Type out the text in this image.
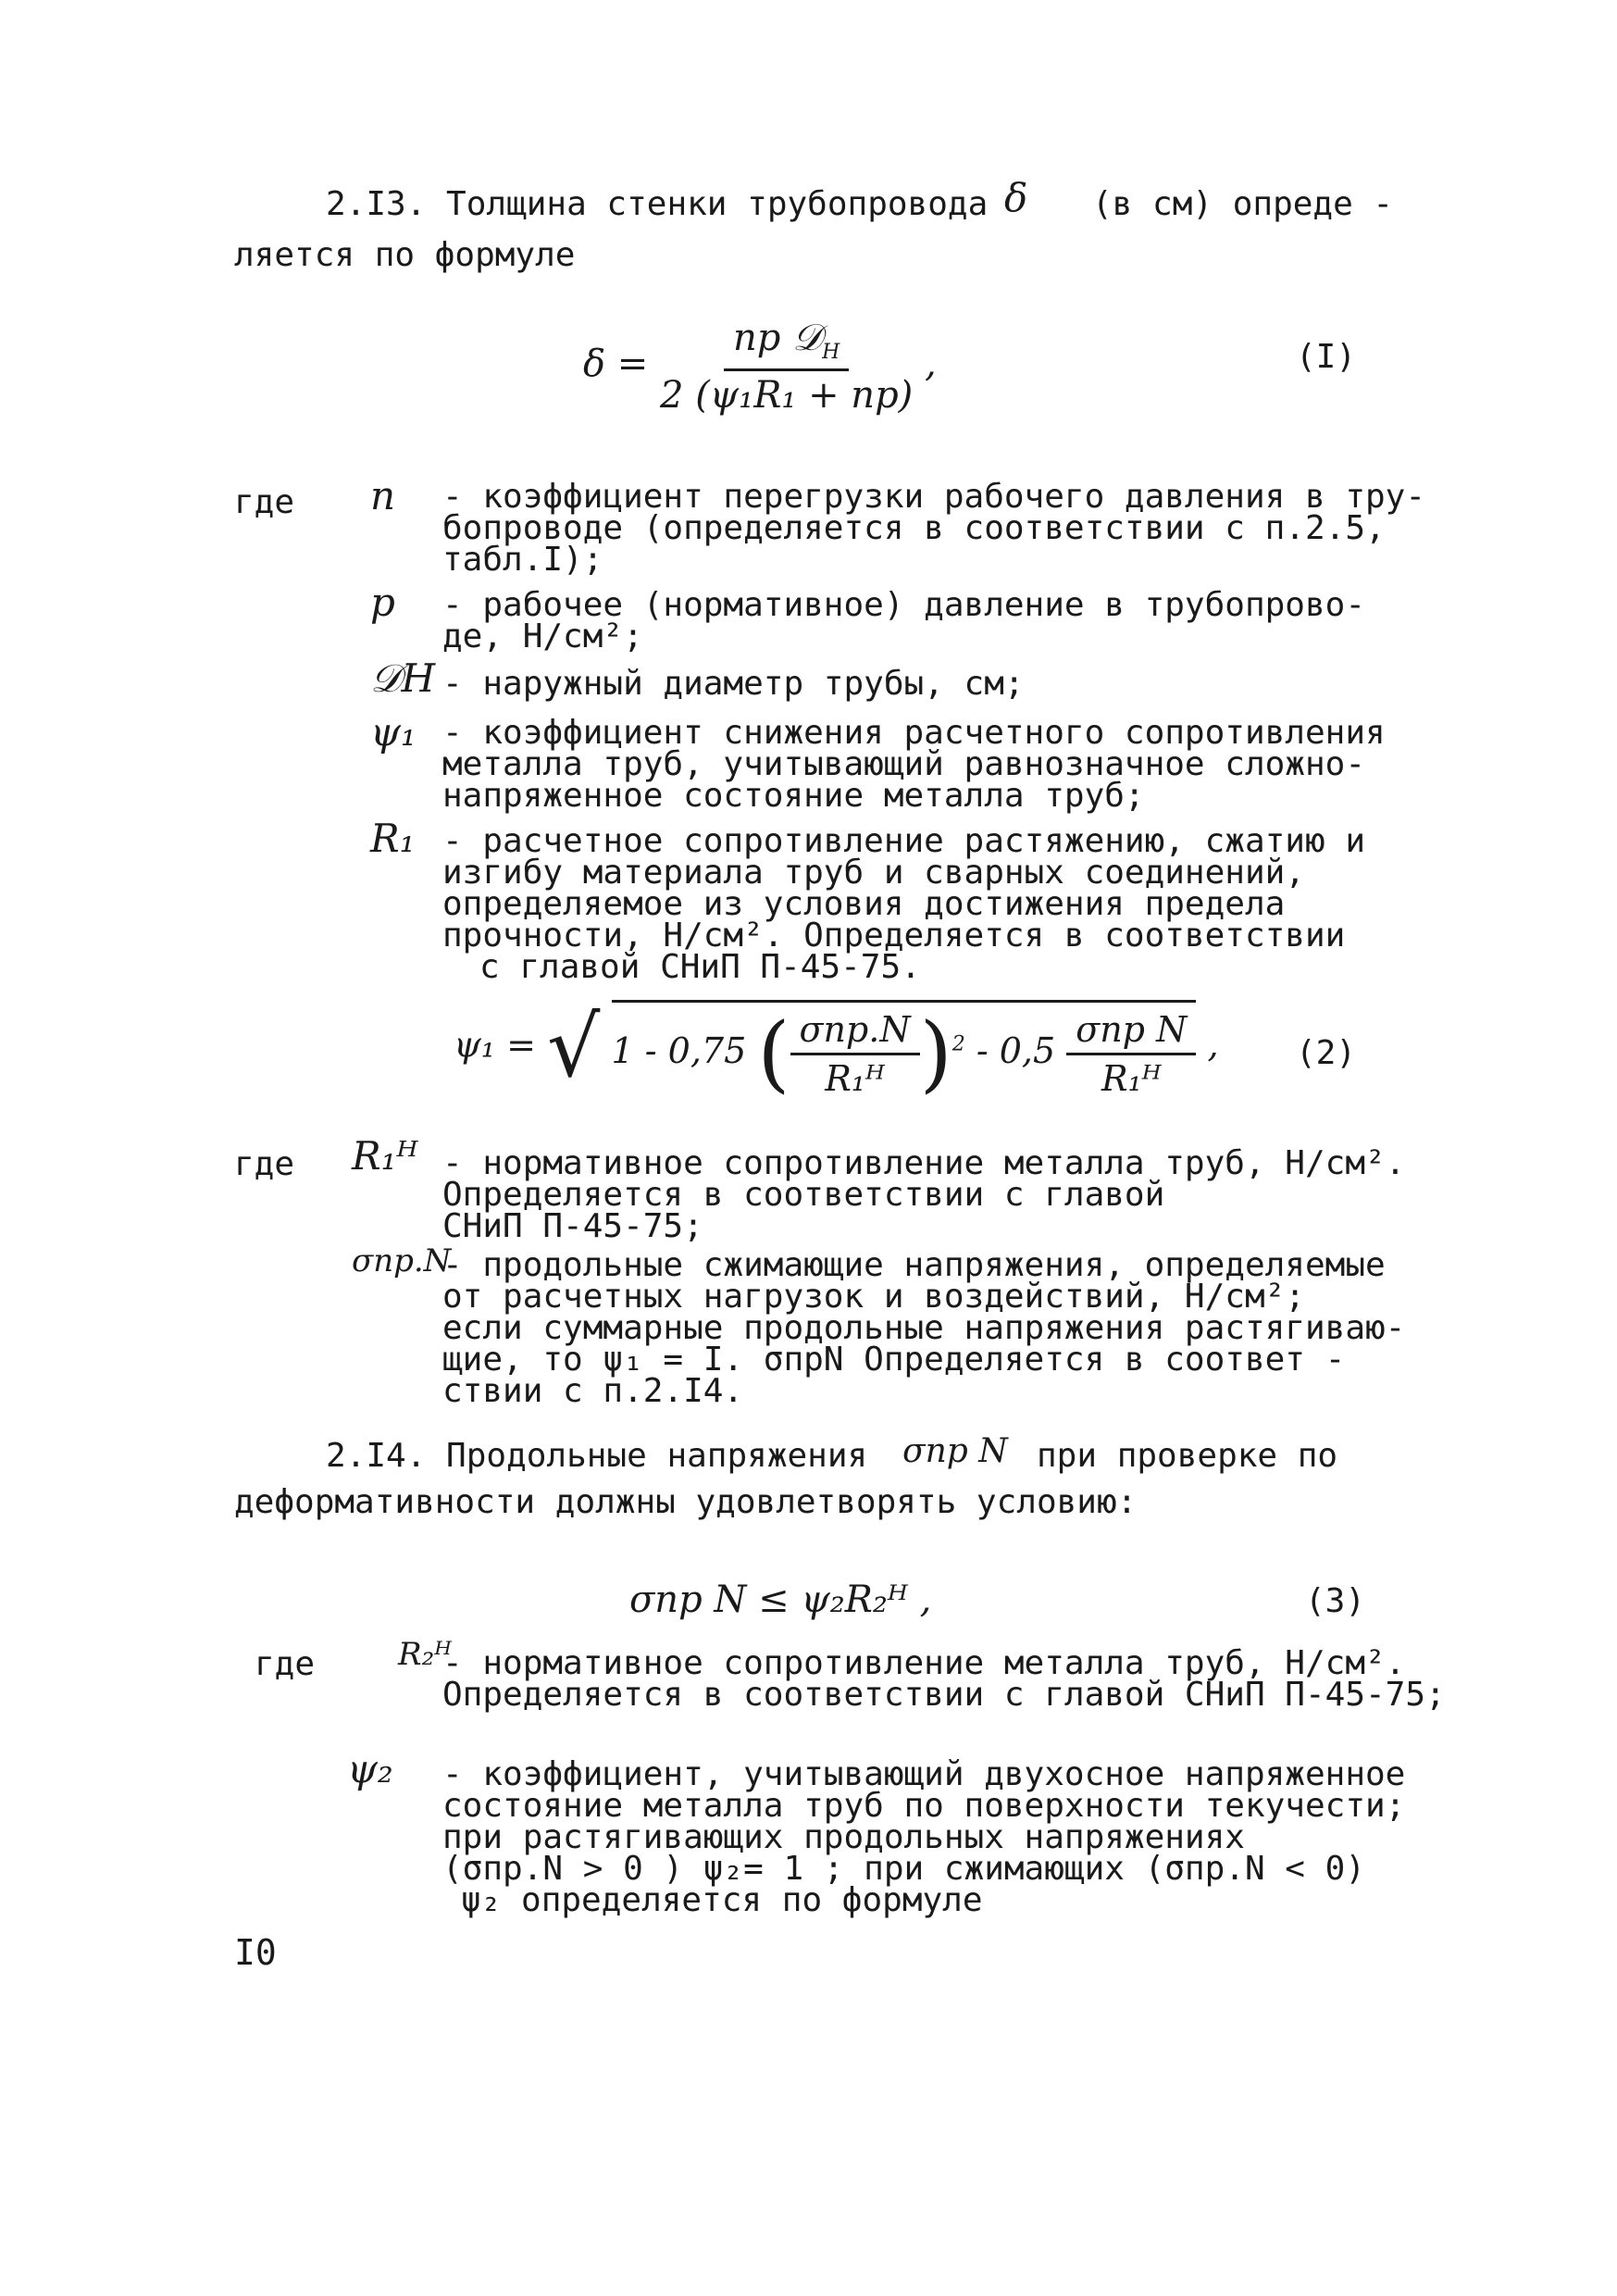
2.I3. Толщина стенки трубопровода δ (в см) опреде -
ляется по формуле
$\delta = \frac{np 𝒟_H}{\text{2 (ψ₁R₁ + np)}}$ ,	(I)
где n - коэффициент перегрузки рабочего давления в тру-
бопроводе (определяется в соответствии с п.2.5,
табл.I);
p - рабочее (нормативное) давление в трубопрово-
де, Н/см²;
𝒟H - наружный диаметр трубы, см;
ψ₁ - коэффициент снижения расчетного сопротивления
металла труб, учитывающий равнозначное сложно-
напряженное состояние металла труб;
R₁ - расчетное сопротивление растяжению, сжатию и
изгибу материала труб и сварных соединений,
определяемое из условия достижения предела
прочности, Н/см². Определяется в соответствии
с главой СНиП П-45-75.
ψ₁ = √ 1 - 0,75 ( $\frac{\text{σпр.N}}{\text{R₁ᴴ}} )^2 - 0,5 \frac{\text{σпр N}}{\text{R₁ᴴ}}$ , (2)
где R₁ᴴ - нормативное сопротивление металла труб, Н/см².
Определяется в соответствии с главой
СНиП П-45-75;
σпр.N
- продольные сжимающие напряжения, определяемые
от расчетных нагрузок и воздействий, Н/см²;
если суммарные продольные напряжения растягиваю-
щие, то ψ₁ = I. σпрN Определяется в соответ -
ствии с п.2.I4.
2.I4. Продольные напряжения σпр N при проверке по
деформативности должны удовлетворять условию:
σпр N ≤ ψ₂R₂ᴴ ,	(3)
где	R₂ᴴ
- нормативное сопротивление металла труб, Н/см².
Определяется в соответствии с главой СНиП П-45-75;
ψ₂ - коэффициент, учитывающий двухосное напряженное
состояние металла труб по поверхности текучести;
при растягивающих продольных напряжениях
(σпр.N > 0 ) ψ₂= 1 ; при сжимающих (σпр.N < 0)
ψ₂ определяется по формуле
I0
